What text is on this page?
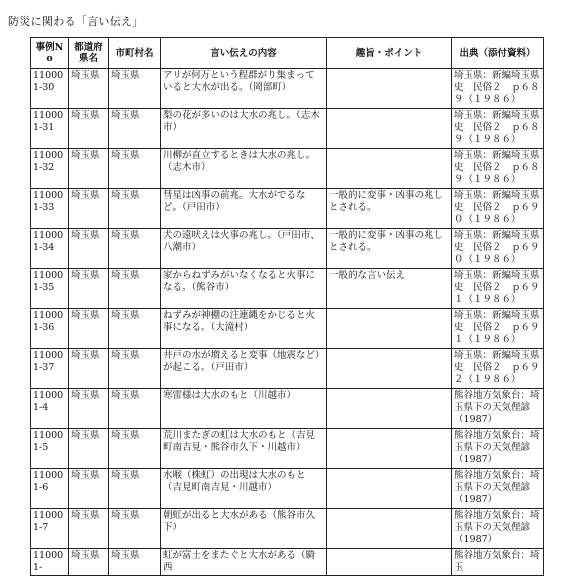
防災に関わる「言い伝え」
事例No	都道府県名	市町村名	言い伝えの内容	趣旨・ポイント	出典（添付資料）
110001-30	埼玉県	埼玉県	アリが何万という程群がり集まっていると大水が出る。（岡部町）		埼玉県：新編埼玉県史　民俗２　ｐ６８９（１９８６）
110001-31	埼玉県	埼玉県	梨の花が多いのは大水の兆し。（志木市）		埼玉県：新編埼玉県史　民俗２　ｐ６８９（１９８６）
110001-32	埼玉県	埼玉県	川柳が直立するときは大水の兆し。（志木市）		埼玉県：新編埼玉県史　民俗２　ｐ６８９（１９８６）
110001-33	埼玉県	埼玉県	彗星は凶事の前兆。大水がでるなど。（戸田市）	一般的に変事・凶事の兆しとされる。	埼玉県：新編埼玉県史　民俗２　ｐ６９０（１９８６）
110001-34	埼玉県	埼玉県	犬の遠吠えは火事の兆し。（戸田市、八潮市）	一般的に変事・凶事の兆しとされる。	埼玉県：新編埼玉県史　民俗２　ｐ６９０（１９８６）
110001-35	埼玉県	埼玉県	家からねずみがいなくなると火事になる。（熊谷市）	一般的な言い伝え	埼玉県：新編埼玉県史　民俗２　ｐ６９１（１９８６）
110001-36	埼玉県	埼玉県	ねずみが神棚の注連縄をかじると火事になる。（大滝村）		埼玉県：新編埼玉県史　民俗２　ｐ６９１（１９８６）
110001-37	埼玉県	埼玉県	井戸の水が増えると変事（地震など）が起こる。（戸田市）		埼玉県：新編埼玉県史　民俗２　ｐ６９２（１９８６）
110001-4	埼玉県	埼玉県	寒雷様は大水のもと（川越市）		熊谷地方気象台：埼玉県下の天気俚諺（1987）
110001-5	埼玉県	埼玉県	荒川またぎの虹は大水のもと（吉見町南吉見・熊谷市久下・川越市）		熊谷地方気象台：埼玉県下の天気俚諺（1987）
110001-6	埼玉県	埼玉県	水喉（株虹）の出現は大水のもと（吉見町南吉見・川越市）		熊谷地方気象台：埼玉県下の天気俚諺（1987）
110001-7	埼玉県	埼玉県	朝虹が出ると大水がある（熊谷市久下）		熊谷地方気象台：埼玉県下の天気俚諺（1987）
110001-	埼玉県	埼玉県	虹が富士をまたぐと大水がある（騎西		熊谷地方気象台：埼玉
